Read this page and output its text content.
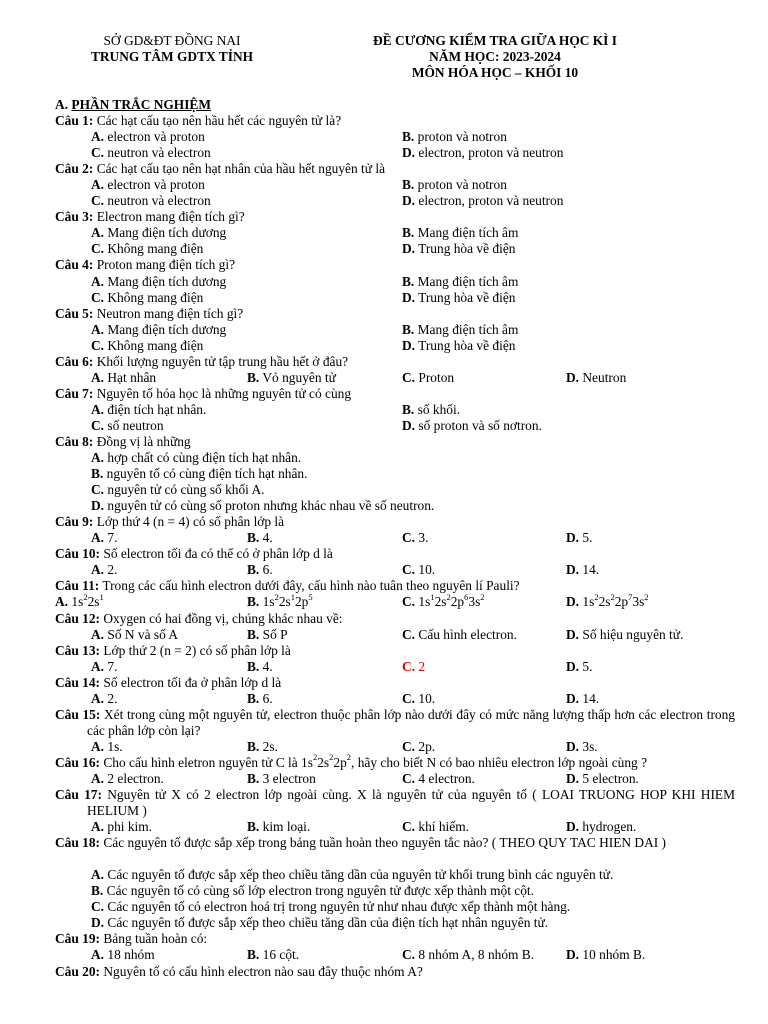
SỞ GD&ĐT ĐỒNG NAI
TRUNG TÂM GDTX TỈNH
ĐỀ CƯƠNG KIỂM TRA GIỮA HỌC KÌ I
NĂM HỌC: 2023-2024
MÔN HÓA HỌC – KHỐI 10
A. PHẦN TRẮC NGHIỆM
Câu 1: Các hạt cấu tạo nên hầu hết các nguyên tử là?
A. electron và proton	B. proton và notron
C. neutron và electron	D. electron, proton và neutron
Câu 2: Các hạt cấu tạo nên hạt nhân của hầu hết nguyên tử là
A. electron và proton	B. proton và notron
C. neutron và electron	D. electron, proton và neutron
Câu 3: Electron mang điện tích gì?
A. Mang điện tích dương	B. Mang điện tích âm
C. Không mang điện	D. Trung hòa về điện
Câu 4: Proton mang điện tích gì?
A. Mang điện tích dương	B. Mang điện tích âm
C. Không mang điện	D. Trung hòa về điện
Câu 5: Neutron mang điện tích gì?
A. Mang điện tích dương	B. Mang điện tích âm
C. Không mang điện	D. Trung hòa về điện
Câu 6: Khối lượng nguyên tử tập trung hầu hết ở đâu?
A. Hạt nhân	B. Vỏ nguyên tử	C. Proton	D. Neutron
Câu 7: Nguyên tố hóa học là những nguyên tử có cùng
A. điện tích hạt nhân.	B. số khối.
C. số neutron	D. số proton và số nơtron.
Câu 8: Đồng vị là những
A. hợp chất có cùng điện tích hạt nhân.
B. nguyên tố có cùng điện tích hạt nhân.
C. nguyên tử có cùng số khối A.
D. nguyên tử có cùng số proton nhưng khác nhau về số neutron.
Câu 9: Lớp thứ 4 (n = 4) có số phân lớp là
A. 7.	B. 4.	C. 3.	D. 5.
Câu 10: Số electron tối đa có thể có ở phân lớp d là
A. 2.	B. 6.	C. 10.	D. 14.
Câu 11: Trong các cấu hình electron dưới đây, cấu hình nào tuân theo nguyên lí Pauli?
A. $1s^22s^1$	B. $1s^22s^12p^5$	C. $1s^12s^22p^63s^2$	D. $1s^22s^22p^73s^2$
Câu 12: Oxygen có hai đồng vị, chúng khác nhau về:
A. Số N và số A	B. Số P	C. Cấu hình electron.	D. Số hiệu nguyên tử.
Câu 13: Lớp thứ 2 (n = 2) có số phân lớp là
A. 7.	B. 4.	C. 2	D. 5.
Câu 14: Số electron tối đa ở phân lớp d là
A. 2.	B. 6.	C. 10.	D. 14.
Câu 15: Xét trong cùng một nguyên tử, electron thuộc phân lớp nào dưới đây có mức năng lượng thấp hơn các electron trong các phân lớp còn lại?
A. 1s.	B. 2s.	C. 2p.	D. 3s.
Câu 16: Cho cấu hình eletron nguyên tử C là $1s^22s^22p^2$, hãy cho biết N có bao nhiêu electron lớp ngoài cùng ?
A. 2 electron.	B. 3 electron	C. 4 electron.	D. 5 electron.
Câu 17: Nguyên tử X có 2 electron lớp ngoài cùng. X là nguyên tử của nguyên tố ( LOAI TRUONG HOP KHI HIEM HELIUM )
A. phi kim.	B. kim loại.	C. khí hiếm.	D. hydrogen.
Câu 18: Các nguyên tố được sắp xếp trong bảng tuần hoàn theo nguyên tắc nào? ( THEO QUY TAC HIEN DAI )
A. Các nguyên tố được sắp xếp theo chiều tăng dần của nguyên tử khối trung bình các nguyên tử.
B. Các nguyên tố có cùng số lớp electron trong nguyên tử được xếp thành một cột.
C. Các nguyên tố có electron hoá trị trong nguyên tử như nhau được xếp thành một hàng.
D. Các nguyên tố được sắp xếp theo chiều tăng dần của điện tích hạt nhân nguyên tử.
Câu 19: Bảng tuần hoàn có:
A. 18 nhóm	B. 16 cột.	C. 8 nhóm A, 8 nhóm B. D. 10 nhóm B.
Câu 20: Nguyên tố có cấu hình electron nào sau đây thuộc nhóm A?
